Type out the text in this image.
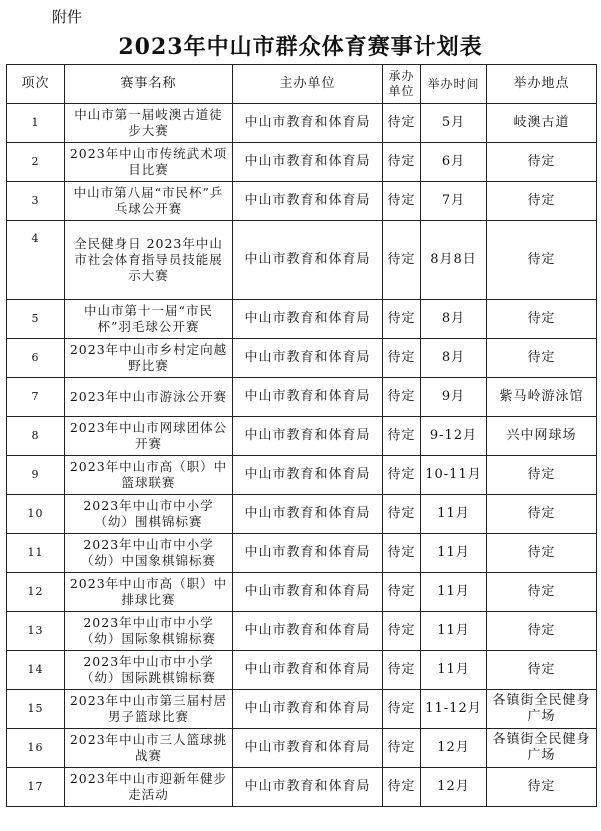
附件
2023年中山市群众体育赛事计划表
项次	赛事名称	主办单位	承办单位	举办时间	举办地点
1	中山市第一届岐澳古道徒步大赛	中山市教育和体育局	待定	5月	岐澳古道
2	2023年中山市传统武术项目比赛	中山市教育和体育局	待定	6月	待定
3	中山市第八届“市民杯”乒乓球公开赛	中山市教育和体育局	待定	7月	待定
4	全民健身日 2023年中山市社会体育指导员技能展示大赛	中山市教育和体育局	待定	8月8日	待定
5	中山市第十一届“市民杯”羽毛球公开赛	中山市教育和体育局	待定	8月	待定
6	2023年中山市乡村定向越野比赛	中山市教育和体育局	待定	8月	待定
7	2023年中山市游泳公开赛	中山市教育和体育局	待定	9月	紫马岭游泳馆
8	2023年中山市网球团体公开赛	中山市教育和体育局	待定	9-12月	兴中网球场
9	2023年中山市高（职）中篮球联赛	中山市教育和体育局	待定	10-11月	待定
10	2023年中山市中小学（幼）围棋锦标赛	中山市教育和体育局	待定	11月	待定
11	2023年中山市中小学（幼）中国象棋锦标赛	中山市教育和体育局	待定	11月	待定
12	2023年中山市高（职）中排球比赛	中山市教育和体育局	待定	11月	待定
13	2023年中山市中小学（幼）国际象棋锦标赛	中山市教育和体育局	待定	11月	待定
14	2023年中山市中小学（幼）国际跳棋锦标赛	中山市教育和体育局	待定	11月	待定
15	2023年中山市第三届村居男子篮球比赛	中山市教育和体育局	待定	11-12月	各镇街全民健身广场
16	2023年中山市三人篮球挑战赛	中山市教育和体育局	待定	12月	各镇街全民健身广场
17	2023年中山市迎新年健步走活动	中山市教育和体育局	待定	12月	待定
